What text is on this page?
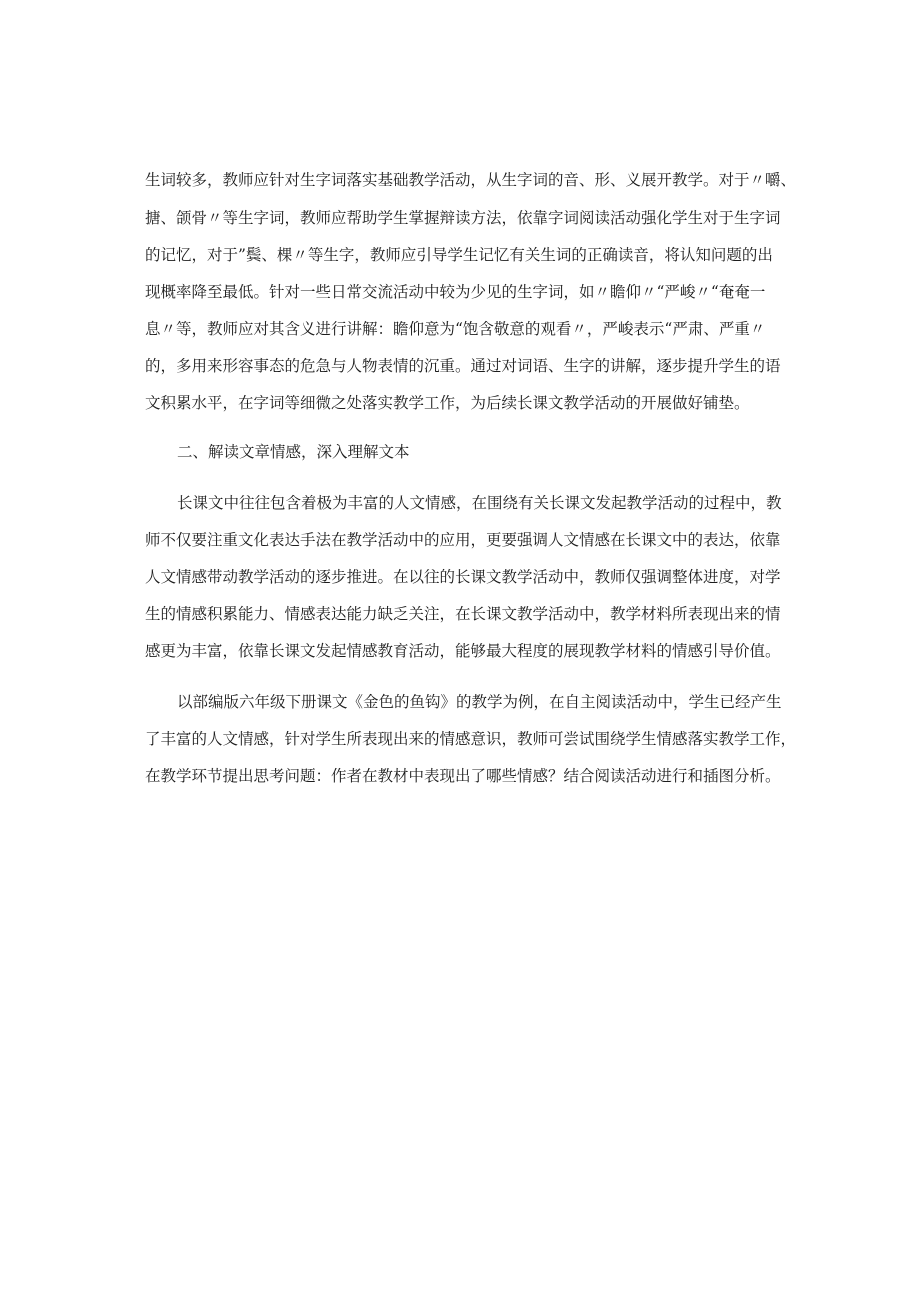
生词较多，教师应针对生字词落实基础教学活动，从生字词的音、形、义展开教学。对于〃嚼、
搪、颌骨〃等生字词，教师应帮助学生掌握辩读方法，依靠字词阅读活动强化学生对于生字词
的记忆，对于”鬓、棵〃等生字，教师应引导学生记忆有关生词的正确读音，将认知问题的出
现概率降至最低。针对一些日常交流活动中较为少见的生字词，如〃瞻仰〃“严峻〃“奄奄一
息〃等，教师应对其含义进行讲解：瞻仰意为“饱含敬意的观看〃，严峻表示“严肃、严重〃
的，多用来形容事态的危急与人物表情的沉重。通过对词语、生字的讲解，逐步提升学生的语
文积累水平，在字词等细微之处落实教学工作，为后续长课文教学活动的开展做好铺垫。
二、解读文章情感，深入理解文本
长课文中往往包含着极为丰富的人文情感，在围绕有关长课文发起教学活动的过程中，教
师不仅要注重文化表达手法在教学活动中的应用，更要强调人文情感在长课文中的表达，依靠
人文情感带动教学活动的逐步推进。在以往的长课文教学活动中，教师仅强调整体进度，对学
生的情感积累能力、情感表达能力缺乏关注，在长课文教学活动中，教学材料所表现出来的情
感更为丰富，依靠长课文发起情感教育活动，能够最大程度的展现教学材料的情感引导价值。
以部编版六年级下册课文《金色的鱼钩》的教学为例，在自主阅读活动中，学生已经产生
了丰富的人文情感，针对学生所表现出来的情感意识，教师可尝试围绕学生情感落实教学工作，
在教学环节提出思考问题：作者在教材中表现出了哪些情感？结合阅读活动进行和插图分析。
